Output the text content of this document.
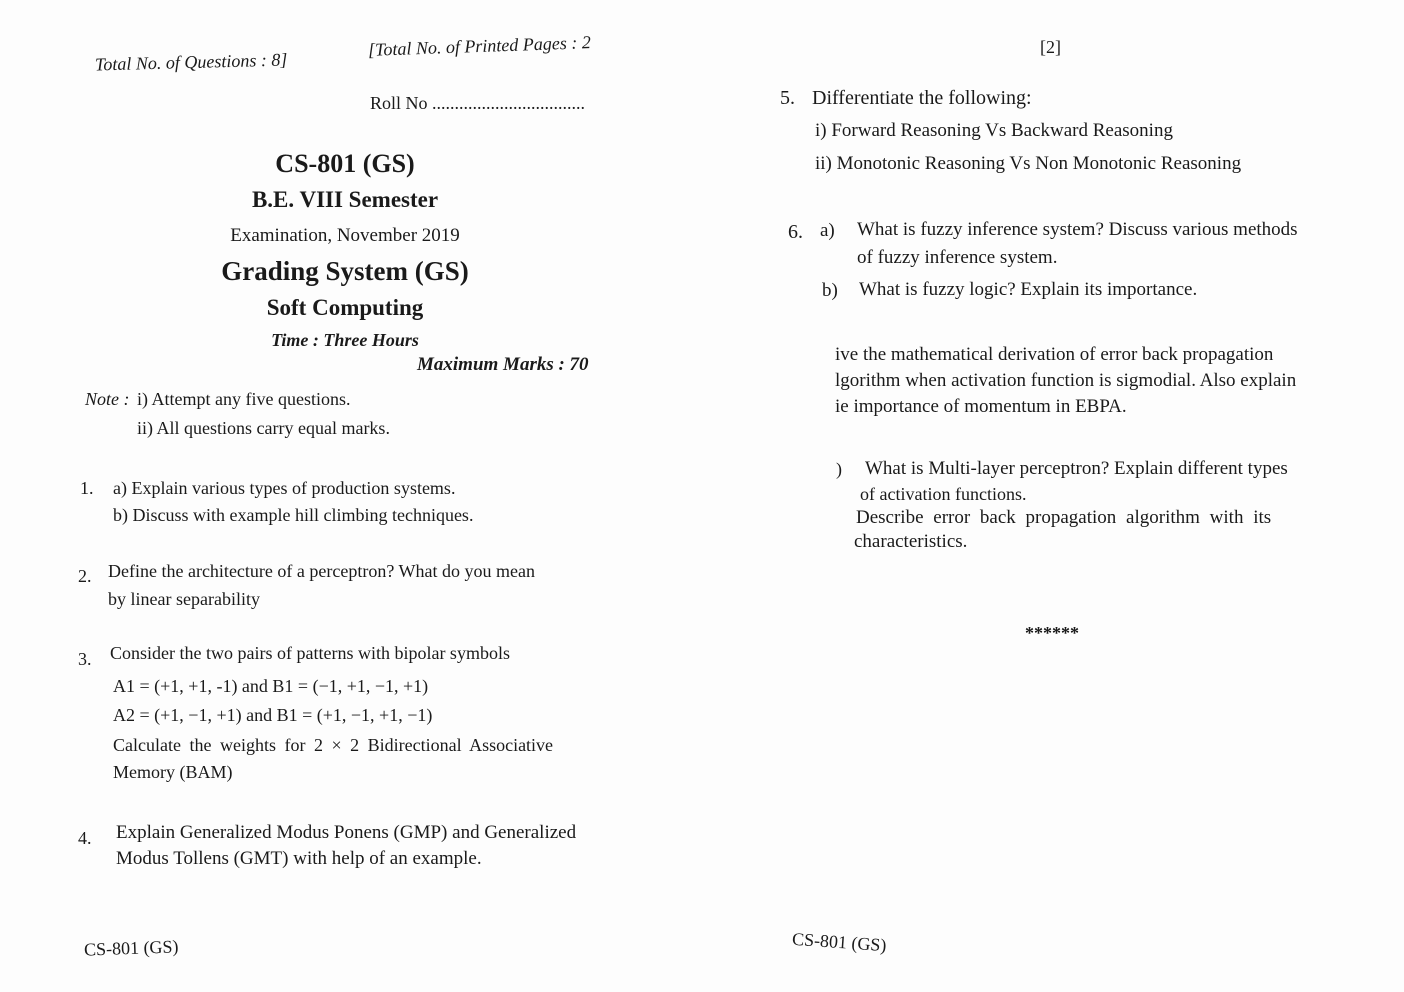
Total No. of Questions : 8]
[Total No. of Printed Pages : 2
Roll No ..................................
CS-801 (GS)
B.E. VIII Semester
Examination, November 2019
Grading System (GS)
Soft Computing
Time : Three Hours
Maximum Marks : 70
Note : i) Attempt any five questions.
ii) All questions carry equal marks.
1. a) Explain various types of production systems.
b) Discuss with example hill climbing techniques.
2. Define the architecture of a perceptron? What do you mean
by linear separability
3. Consider the two pairs of patterns with bipolar symbols
A1 = (+1, +1, -1) and B1 = (−1, +1, −1, +1)
A2 = (+1, −1, +1) and B1 = (+1, −1, +1, −1)
Calculate the weights for 2 × 2 Bidirectional Associative
Memory (BAM)
4. Explain Generalized Modus Ponens (GMP) and Generalized
Modus Tollens (GMT) with help of an example.
CS-801 (GS)
[2]
5. Differentiate the following:
i) Forward Reasoning Vs Backward Reasoning
ii) Monotonic Reasoning Vs Non Monotonic Reasoning
6. a) What is fuzzy inference system? Discuss various methods
of fuzzy inference system.
b) What is fuzzy logic? Explain its importance.
ive the mathematical derivation of error back propagation
lgorithm when activation function is sigmodial. Also explain
ie importance of momentum in EBPA.
) What is Multi-layer perceptron? Explain different types
of activation functions.
Describe error back propagation algorithm with its
characteristics.
******
CS-801 (GS)
